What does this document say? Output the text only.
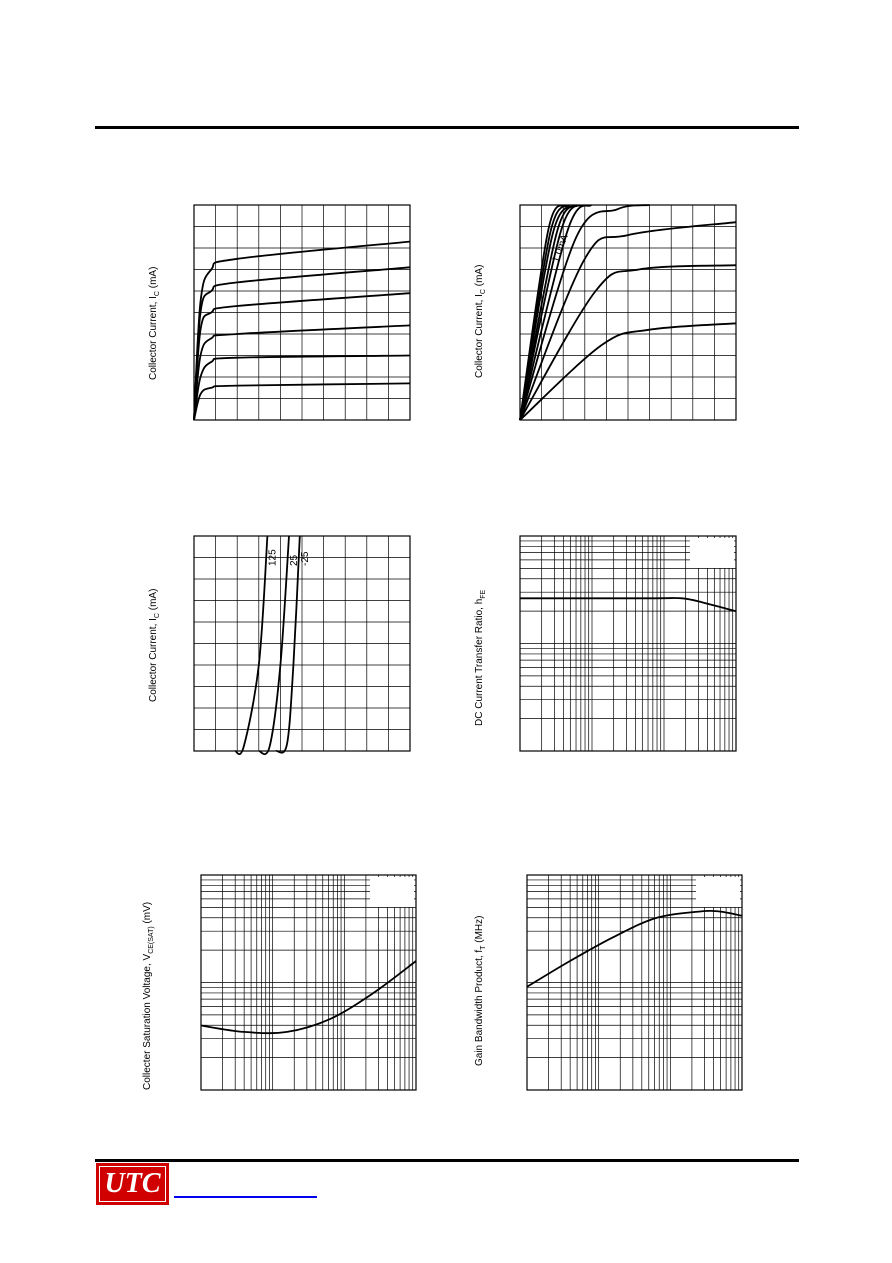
Collector Current, $I_C$ (mA)
1.0mA
Collector Current, $I_C$ (mA)
125 25 -25
Collector Current, $I_C$ (mA)	DC Current Transfer Ratio, $h_{FE}$
Collecter Saturation Voltage, $V_{CE(SAT)}$ (mV)
Gain Bandwidth Product, $f_T$ (MHz)
UTC
